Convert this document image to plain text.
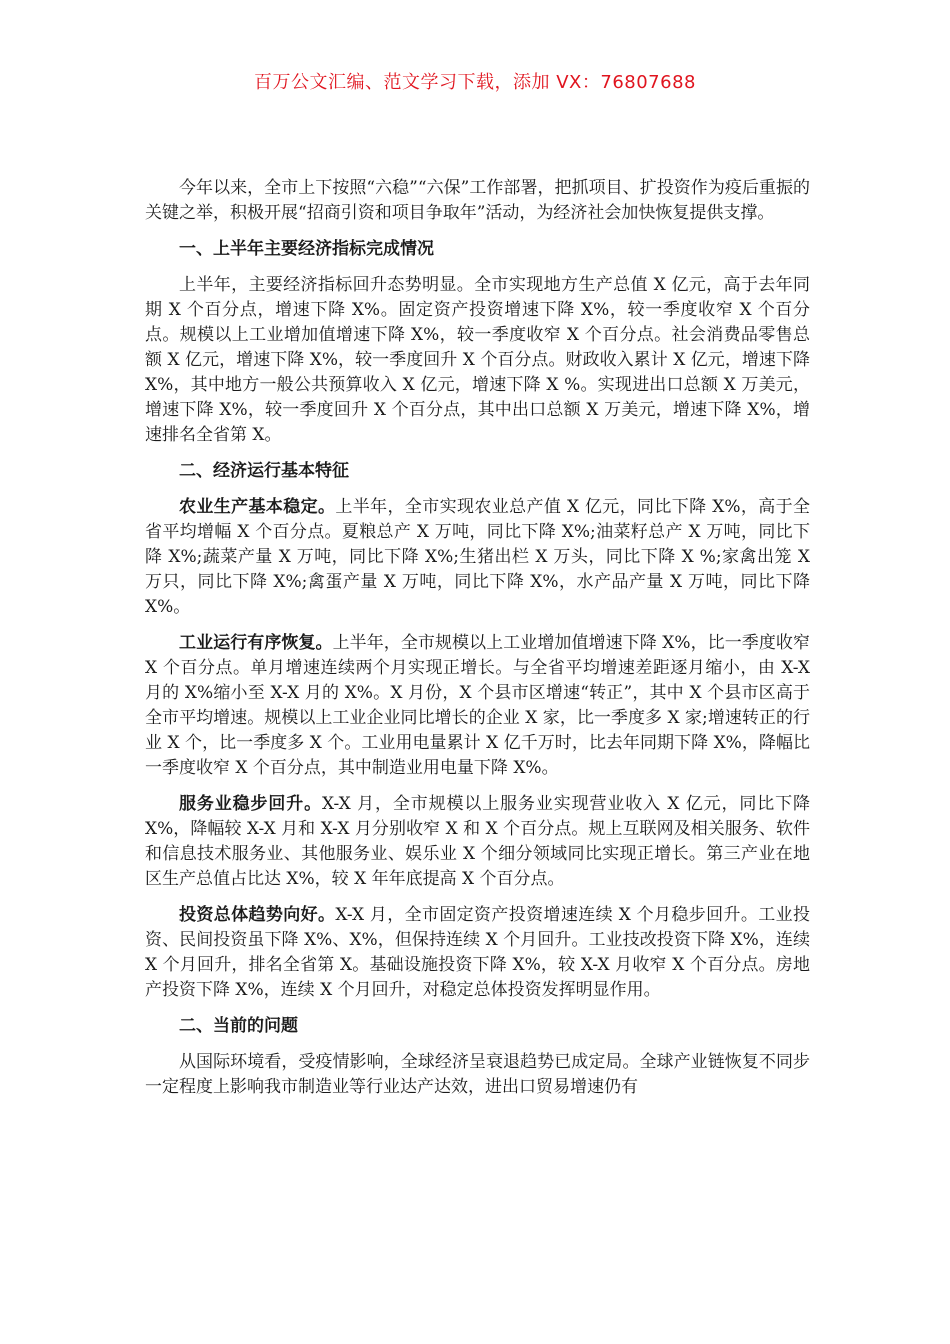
百万公文汇编、范文学习下载，添加 VX：76807688

今年以来，全市上下按照“六稳”“六保”工作部署，把抓项目、扩投资作为疫后重振的关键之举，积极开展“招商引资和项目争取年”活动，为经济社会加快恢复提供支撑。

一、上半年主要经济指标完成情况

上半年，主要经济指标回升态势明显。全市实现地方生产总值 X 亿元，高于去年同期 X 个百分点，增速下降 X%。固定资产投资增速下降 X%，较一季度收窄 X 个百分点。规模以上工业增加值增速下降 X%，较一季度收窄 X 个百分点。社会消费品零售总额 X 亿元，增速下降 X%，较一季度回升 X 个百分点。财政收入累计 X 亿元，增速下降 X%，其中地方一般公共预算收入 X 亿元，增速下降 X %。实现进出口总额 X 万美元，增速下降 X%，较一季度回升 X 个百分点，其中出口总额 X 万美元，增速下降 X%，增速排名全省第 X。

二、经济运行基本特征

农业生产基本稳定。上半年，全市实现农业总产值 X 亿元，同比下降 X%，高于全省平均增幅 X 个百分点。夏粮总产 X 万吨，同比下降 X%;油菜籽总产 X 万吨，同比下降 X%;蔬菜产量 X 万吨，同比下降 X%;生猪出栏 X 万头，同比下降 X %;家禽出笼 X 万只，同比下降 X%;禽蛋产量 X 万吨，同比下降 X%，水产品产量 X 万吨，同比下降 X%。

工业运行有序恢复。上半年，全市规模以上工业增加值增速下降 X%，比一季度收窄 X 个百分点。单月增速连续两个月实现正增长。与全省平均增速差距逐月缩小，由 X-X 月的 X%缩小至 X-X 月的 X%。X 月份，X 个县市区增速“转正”，其中 X 个县市区高于全市平均增速。规模以上工业企业同比增长的企业 X 家，比一季度多 X 家;增速转正的行业 X 个，比一季度多 X 个。工业用电量累计 X 亿千万时，比去年同期下降 X%，降幅比一季度收窄 X 个百分点，其中制造业用电量下降 X%。

服务业稳步回升。X-X 月，全市规模以上服务业实现营业收入 X 亿元，同比下降 X%，降幅较 X-X 月和 X-X 月分别收窄 X 和 X 个百分点。规上互联网及相关服务、软件和信息技术服务业、其他服务业、娱乐业 X 个细分领域同比实现正增长。第三产业在地区生产总值占比达 X%，较 X 年年底提高 X 个百分点。

投资总体趋势向好。X-X 月，全市固定资产投资增速连续 X 个月稳步回升。工业投资、民间投资虽下降 X%、X%，但保持连续 X 个月回升。工业技改投资下降 X%，连续 X 个月回升，排名全省第 X。基础设施投资下降 X%，较 X-X 月收窄 X 个百分点。房地产投资下降 X%，连续 X 个月回升，对稳定总体投资发挥明显作用。

二、当前的问题

从国际环境看，受疫情影响，全球经济呈衰退趋势已成定局。全球产业链恢复不同步一定程度上影响我市制造业等行业达产达效，进出口贸易增速仍有
